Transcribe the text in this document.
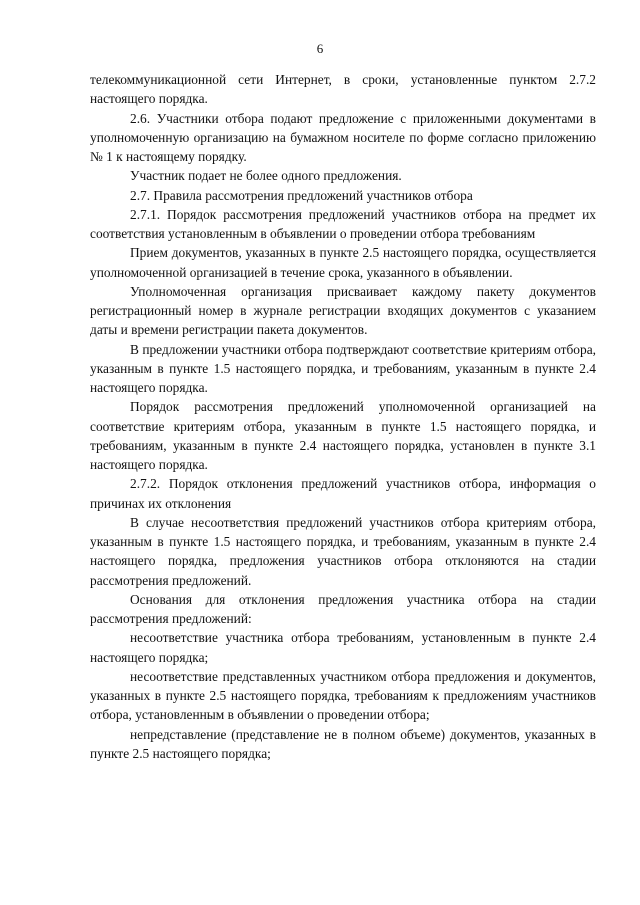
6

телекоммуникационной сети Интернет, в сроки, установленные пунктом 2.7.2 настоящего порядка.

2.6. Участники отбора подают предложение с приложенными документами в уполномоченную организацию на бумажном носителе по форме согласно приложению № 1 к настоящему порядку.

Участник подает не более одного предложения.

2.7. Правила рассмотрения предложений участников отбора

2.7.1. Порядок рассмотрения предложений участников отбора на предмет их соответствия установленным в объявлении о проведении отбора требованиям

Прием документов, указанных в пункте 2.5 настоящего порядка, осуществляется уполномоченной организацией в течение срока, указанного в объявлении.

Уполномоченная организация присваивает каждому пакету документов регистрационный номер в журнале регистрации входящих документов с указанием даты и времени регистрации пакета документов.

В предложении участники отбора подтверждают соответствие критериям отбора, указанным в пункте 1.5 настоящего порядка, и требованиям, указанным в пункте 2.4 настоящего порядка.

Порядок рассмотрения предложений уполномоченной организацией на соответствие критериям отбора, указанным в пункте 1.5 настоящего порядка, и требованиям, указанным в пункте 2.4 настоящего порядка, установлен в пункте 3.1 настоящего порядка.

2.7.2. Порядок отклонения предложений участников отбора, информация о причинах их отклонения

В случае несоответствия предложений участников отбора критериям отбора, указанным в пункте 1.5 настоящего порядка, и требованиям, указанным в пункте 2.4 настоящего порядка, предложения участников отбора отклоняются на стадии рассмотрения предложений.

Основания для отклонения предложения участника отбора на стадии рассмотрения предложений:

несоответствие участника отбора требованиям, установленным в пункте 2.4 настоящего порядка;

несоответствие представленных участником отбора предложения и документов, указанных в пункте 2.5 настоящего порядка, требованиям к предложениям участников отбора, установленным в объявлении о проведении отбора;

непредставление (представление не в полном объеме) документов, указанных в пункте 2.5 настоящего порядка;
